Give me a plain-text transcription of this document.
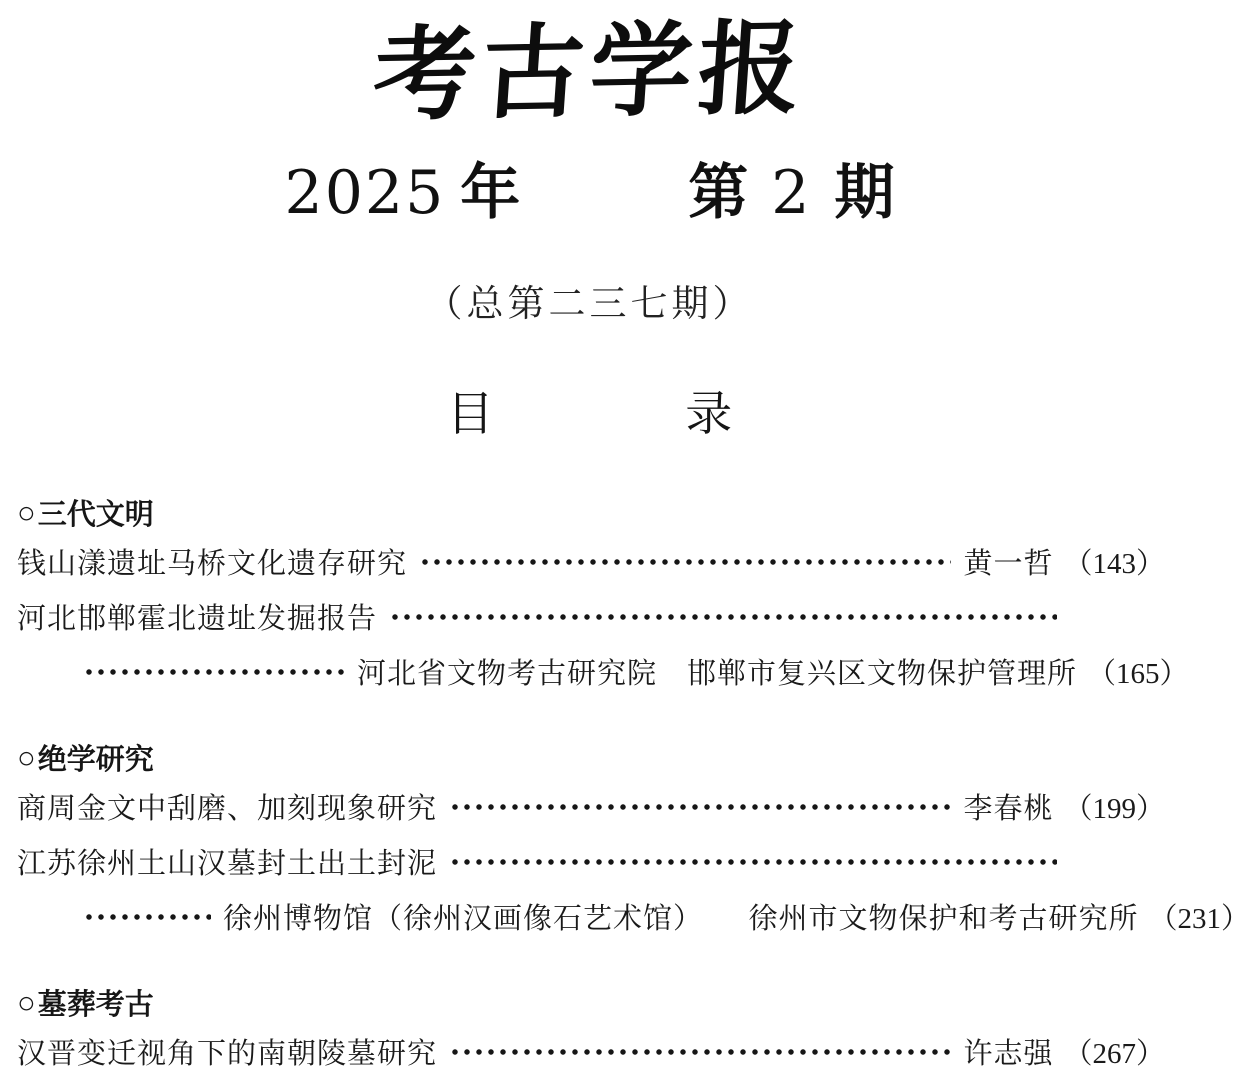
考古学报
2025 年	第 2 期
（总第二三七期）
目	录
○ 三代文明
钱山漾遗址马桥文化遗存研究	黄一哲 （143）
河北邯郸霍北遗址发掘报告
河北省文物考古研究院　邯郸市复兴区文物保护管理所 （165）
○ 绝学研究
商周金文中刮磨、加刻现象研究	李春桃 （199）
江苏徐州土山汉墓封土出土封泥
徐州博物馆（徐州汉画像石艺术馆）　　徐州市文物保护和考古研究所 （231）
○ 墓葬考古
汉晋变迁视角下的南朝陵墓研究	许志强 （267）
